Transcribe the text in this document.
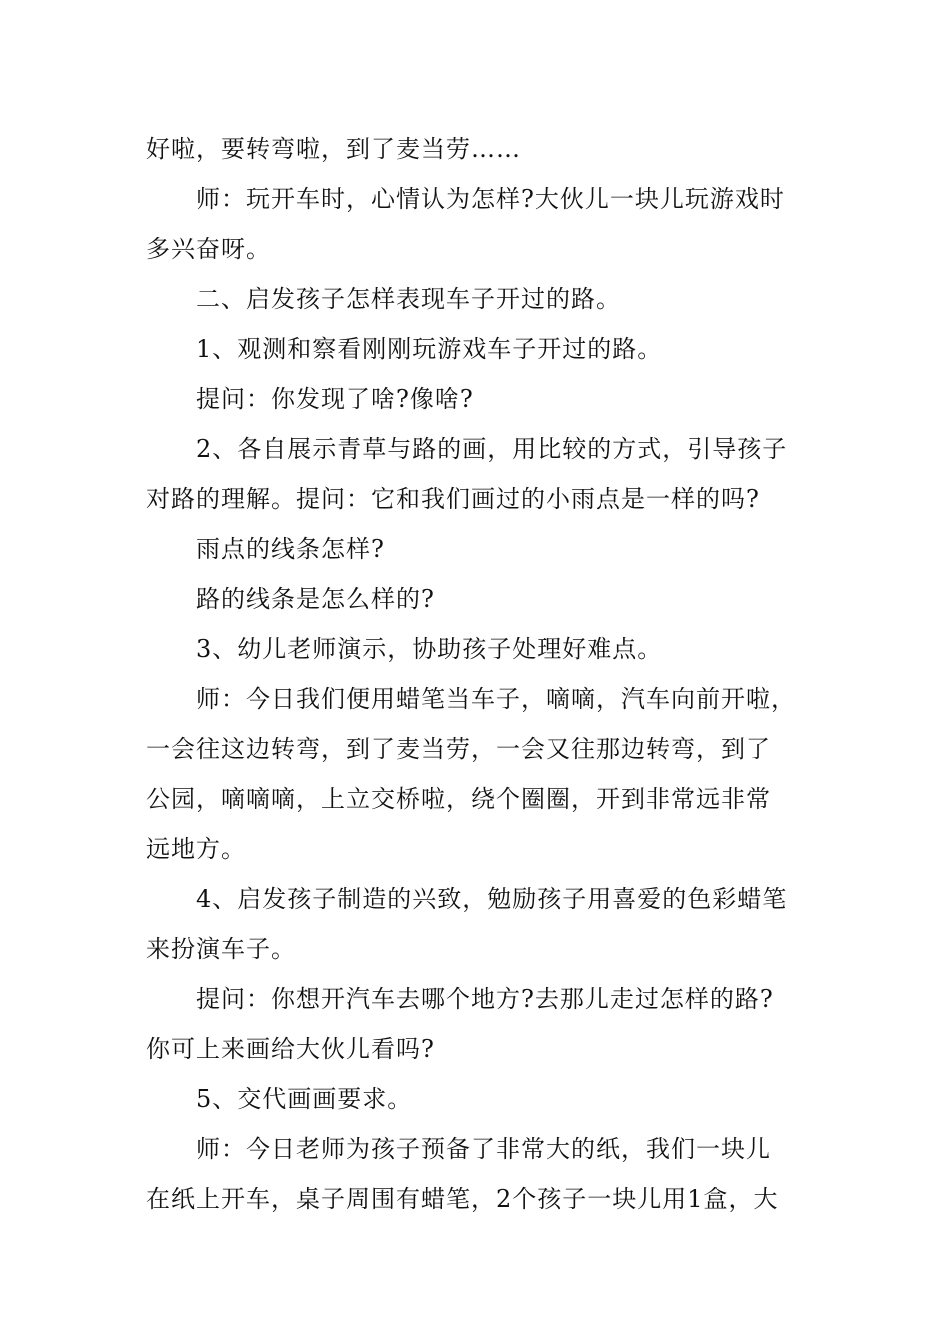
好啦，要转弯啦，到了麦当劳……
师：玩开车时，心情认为怎样?大伙儿一块儿玩游戏时
多兴奋呀。
二、启发孩子怎样表现车子开过的路。
1、观测和察看刚刚玩游戏车子开过的路。
提问：你发现了啥?像啥?
2、各自展示青草与路的画，用比较的方式，引导孩子
对路的理解。提问：它和我们画过的小雨点是一样的吗?
雨点的线条怎样?
路的线条是怎么样的?
3、幼儿老师演示，协助孩子处理好难点。
师：今日我们便用蜡笔当车子，嘀嘀，汽车向前开啦，
一会往这边转弯，到了麦当劳，一会又往那边转弯，到了
公园，嘀嘀嘀，上立交桥啦，绕个圈圈，开到非常远非常
远地方。
4、启发孩子制造的兴致，勉励孩子用喜爱的色彩蜡笔
来扮演车子。
提问：你想开汽车去哪个地方?去那儿走过怎样的路?
你可上来画给大伙儿看吗?
5、交代画画要求。
师：今日老师为孩子预备了非常大的纸，我们一块儿
在纸上开车，桌子周围有蜡笔，2个孩子一块儿用1盒，大
